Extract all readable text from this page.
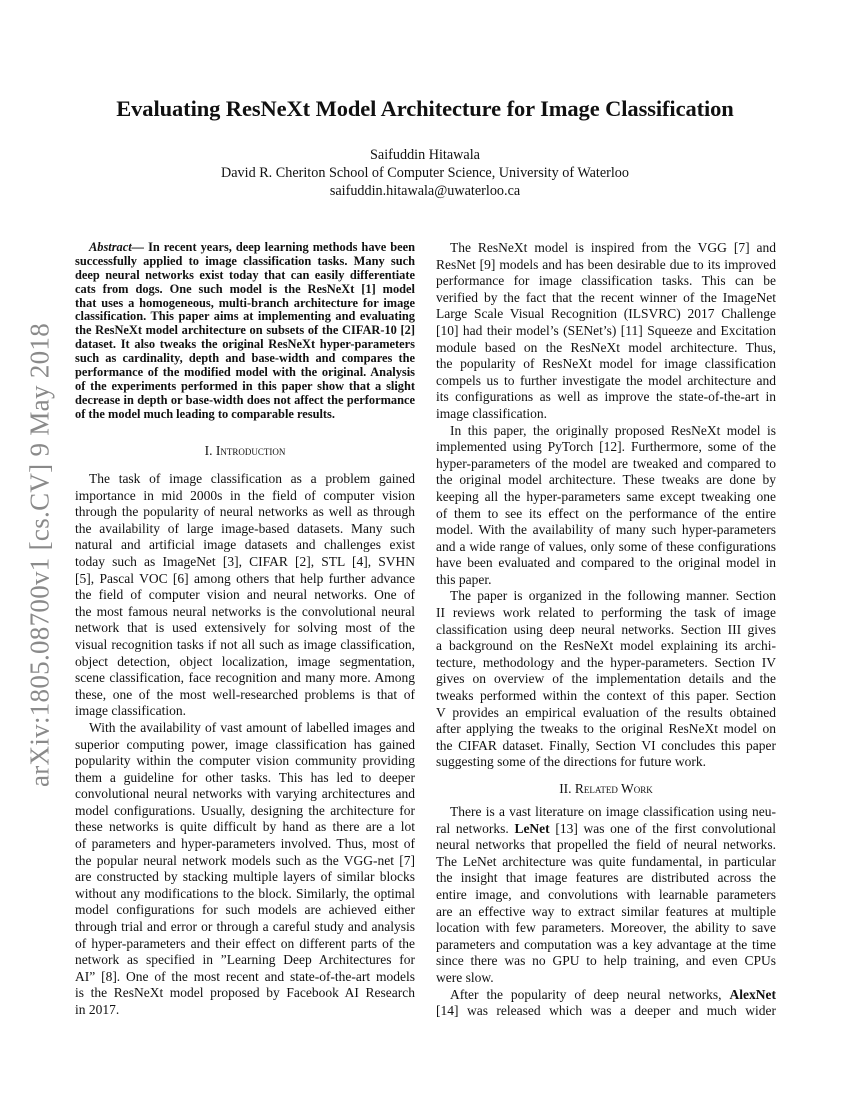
Evaluating ResNeXt Model Architecture for Image Classification
Saifuddin Hitawala
David R. Cheriton School of Computer Science, University of Waterloo
saifuddin.hitawala@uwaterloo.ca
arXiv:1805.08700v1 [cs.CV] 9 May 2018
Abstract— In recent years, deep learning methods have been
successfully applied to image classification tasks. Many such
deep neural networks exist today that can easily differentiate
cats from dogs. One such model is the ResNeXt [1] model
that uses a homogeneous, multi-branch architecture for image
classification. This paper aims at implementing and evaluating
the ResNeXt model architecture on subsets of the CIFAR-10 [2]
dataset. It also tweaks the original ResNeXt hyper-parameters
such as cardinality, depth and base-width and compares the
performance of the modified model with the original. Analysis
of the experiments performed in this paper show that a slight
decrease in depth or base-width does not affect the performance
of the model much leading to comparable results.
I. Introduction
The task of image classification as a problem gained
importance in mid 2000s in the field of computer vision
through the popularity of neural networks as well as through
the availability of large image-based datasets. Many such
natural and artificial image datasets and challenges exist
today such as ImageNet [3], CIFAR [2], STL [4], SVHN
[5], Pascal VOC [6] among others that help further advance
the field of computer vision and neural networks. One of
the most famous neural networks is the convolutional neural
network that is used extensively for solving most of the
visual recognition tasks if not all such as image classification,
object detection, object localization, image segmentation,
scene classification, face recognition and many more. Among
these, one of the most well-researched problems is that of
image classification.
With the availability of vast amount of labelled images and
superior computing power, image classification has gained
popularity within the computer vision community providing
them a guideline for other tasks. This has led to deeper
convolutional neural networks with varying architectures and
model configurations. Usually, designing the architecture for
these networks is quite difficult by hand as there are a lot
of parameters and hyper-parameters involved. Thus, most of
the popular neural network models such as the VGG-net [7]
are constructed by stacking multiple layers of similar blocks
without any modifications to the block. Similarly, the optimal
model configurations for such models are achieved either
through trial and error or through a careful study and analysis
of hyper-parameters and their effect on different parts of the
network as specified in ”Learning Deep Architectures for
AI” [8]. One of the most recent and state-of-the-art models
is the ResNeXt model proposed by Facebook AI Research
in 2017.
The ResNeXt model is inspired from the VGG [7] and
ResNet [9] models and has been desirable due to its improved
performance for image classification tasks. This can be
verified by the fact that the recent winner of the ImageNet
Large Scale Visual Recognition (ILSVRC) 2017 Challenge
[10] had their model’s (SENet’s) [11] Squeeze and Excitation
module based on the ResNeXt model architecture. Thus,
the popularity of ResNeXt model for image classification
compels us to further investigate the model architecture and
its configurations as well as improve the state-of-the-art in
image classification.
In this paper, the originally proposed ResNeXt model is
implemented using PyTorch [12]. Furthermore, some of the
hyper-parameters of the model are tweaked and compared to
the original model architecture. These tweaks are done by
keeping all the hyper-parameters same except tweaking one
of them to see its effect on the performance of the entire
model. With the availability of many such hyper-parameters
and a wide range of values, only some of these configurations
have been evaluated and compared to the original model in
this paper.
The paper is organized in the following manner. Section
II reviews work related to performing the task of image
classification using deep neural networks. Section III gives
a background on the ResNeXt model explaining its archi-
tecture, methodology and the hyper-parameters. Section IV
gives on overview of the implementation details and the
tweaks performed within the context of this paper. Section
V provides an empirical evaluation of the results obtained
after applying the tweaks to the original ResNeXt model on
the CIFAR dataset. Finally, Section VI concludes this paper
suggesting some of the directions for future work.
II. Related Work
There is a vast literature on image classification using neu-
ral networks. LeNet [13] was one of the first convolutional
neural networks that propelled the field of neural networks.
The LeNet architecture was quite fundamental, in particular
the insight that image features are distributed across the
entire image, and convolutions with learnable parameters
are an effective way to extract similar features at multiple
location with few parameters. Moreover, the ability to save
parameters and computation was a key advantage at the time
since there was no GPU to help training, and even CPUs
were slow.
After the popularity of deep neural networks, AlexNet
[14] was released which was a deeper and much wider
